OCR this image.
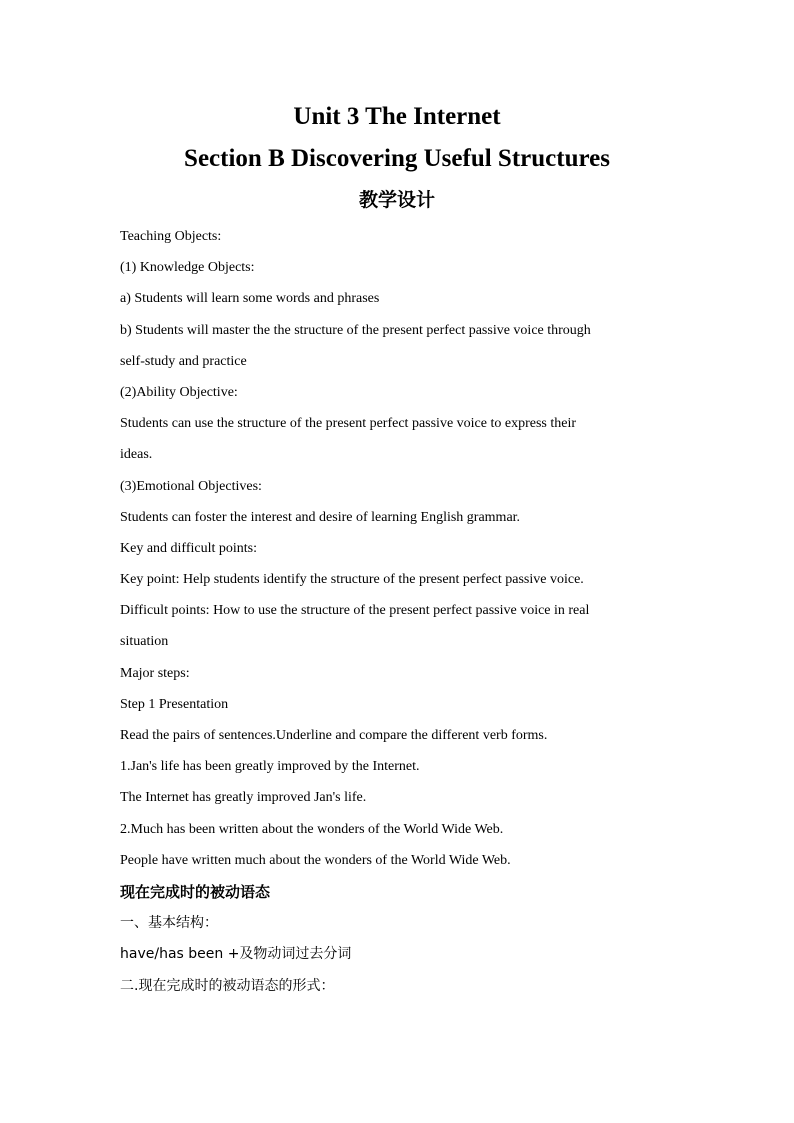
Unit 3 The Internet
Section B Discovering Useful Structures
教学设计

Teaching Objects:

(1) Knowledge Objects:

a) Students will learn some words and phrases

b) Students will master the the structure of the present perfect passive voice through

self-study and practice

(2)Ability Objective:

Students can use the structure of the present perfect passive voice to express their

ideas.

(3)Emotional Objectives:

Students can foster the interest and desire of learning English grammar.

Key and difficult points:

Key point: Help students identify the structure of the present perfect passive voice.

Difficult points: How to use the structure of the present perfect passive voice in real

situation

Major steps:

Step 1 Presentation

Read the pairs of sentences.Underline and compare the different verb forms.

1.Jan's life has been greatly improved by the Internet.

The Internet has greatly improved Jan's life.

2.Much has been written about the wonders of the World Wide Web.

People have written much about the wonders of the World Wide Web.

现在完成时的被动语态

一、基本结构：

have/has been +及物动词过去分词

二.现在完成时的被动语态的形式：
